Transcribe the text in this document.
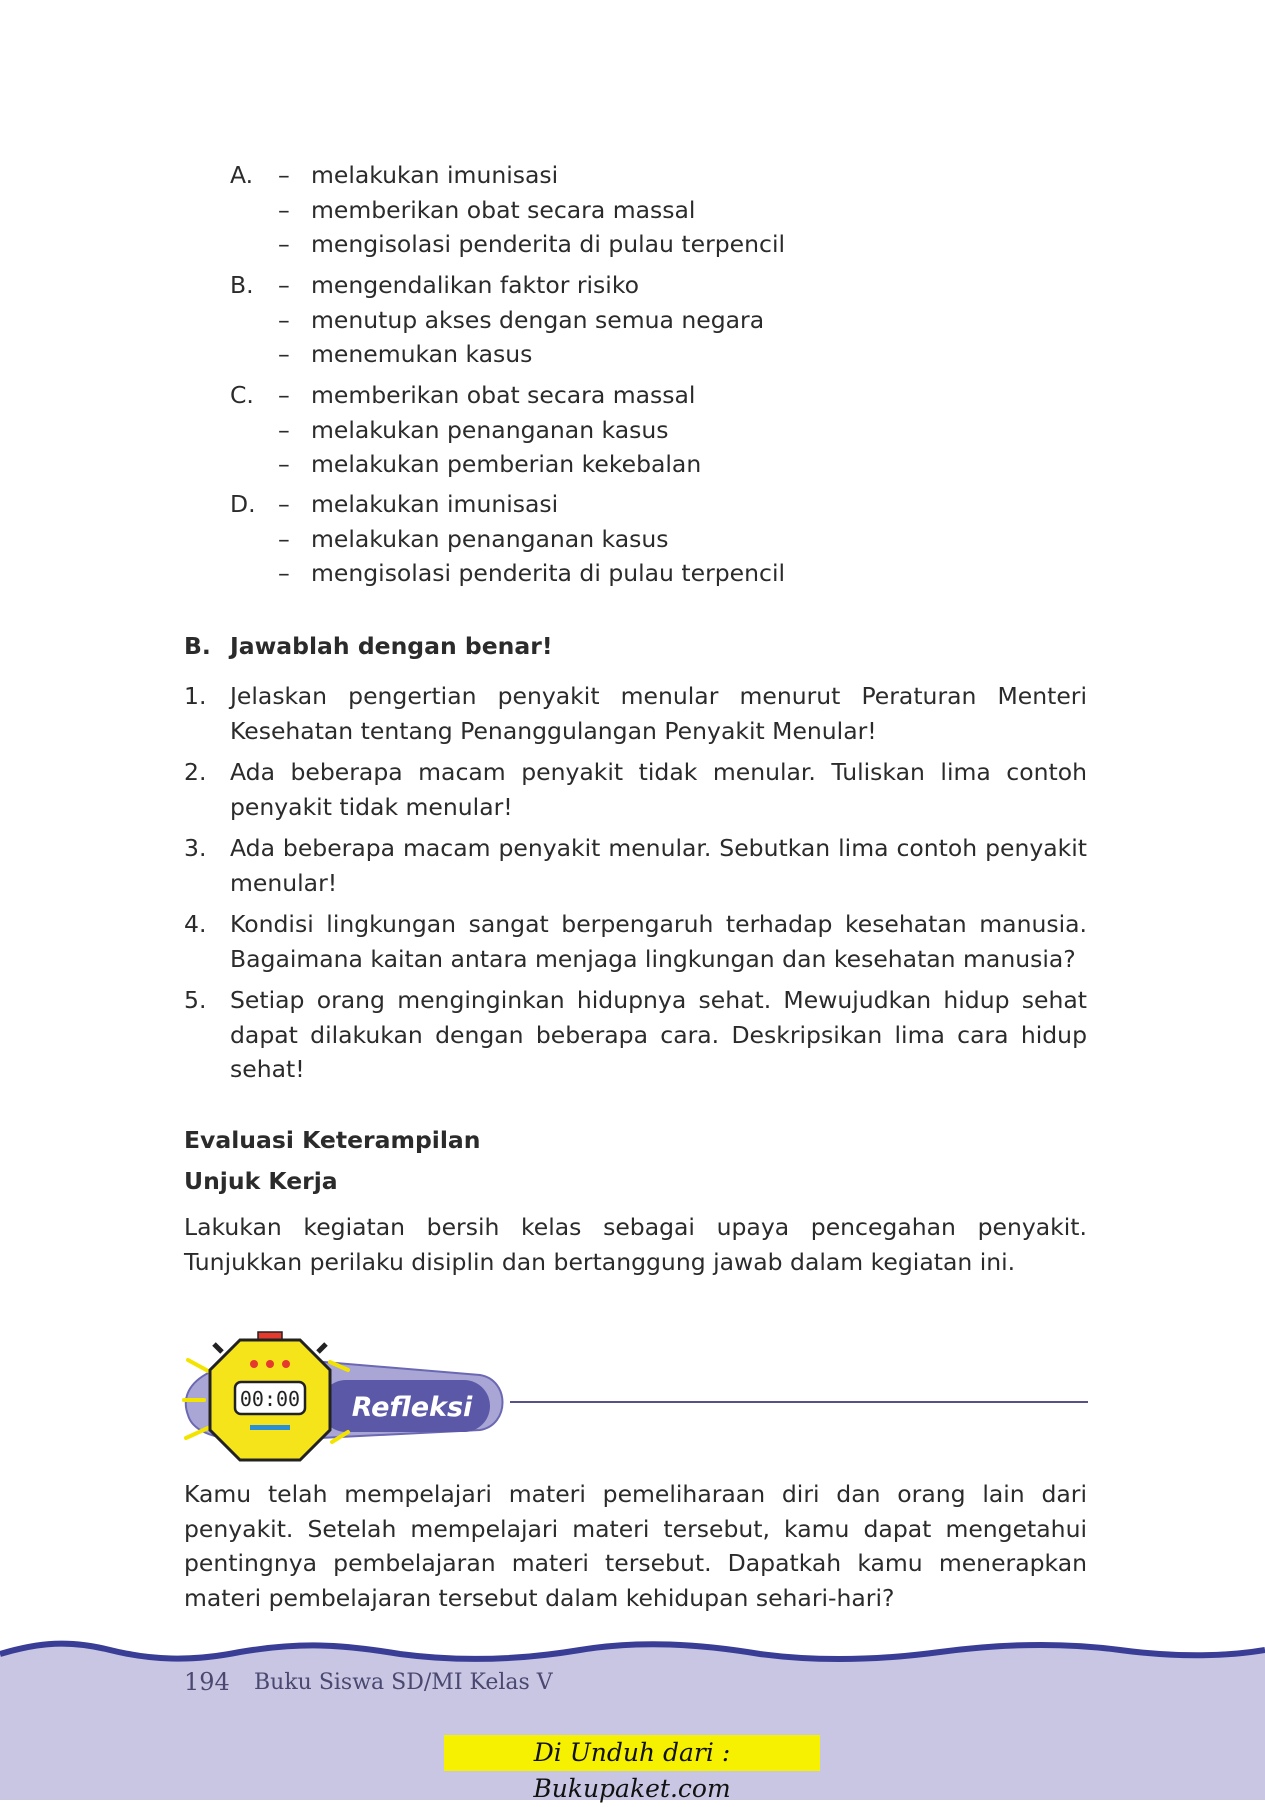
A.	– melakukan imunisasi
– memberikan obat secara massal
– mengisolasi penderita di pulau terpencil
B.	– mengendalikan faktor risiko
– menutup akses dengan semua negara
– menemukan kasus
C.	– memberikan obat secara massal
– melakukan penanganan kasus
– melakukan pemberian kekebalan
D. – melakukan imunisasi
– melakukan penanganan kasus
– mengisolasi penderita di pulau terpencil
B. Jawablah dengan benar!
1.	Jelaskan pengertian penyakit menular menurut Peraturan Menteri Kesehatan tentang Penanggulangan Penyakit Menular!
2.	Ada beberapa macam penyakit tidak menular. Tuliskan lima contoh penyakit tidak menular!
3.	Ada beberapa macam penyakit menular. Sebutkan lima contoh penyakit menular!
4.	Kondisi lingkungan sangat berpengaruh terhadap kesehatan manusia. Bagaimana kaitan antara menjaga lingkungan dan kesehatan manusia?
5.	Setiap orang menginginkan hidupnya sehat. Mewujudkan hidup sehat dapat dilakukan dengan beberapa cara. Deskripsikan lima cara hidup sehat!
Evaluasi Keterampilan
Unjuk Kerja
Lakukan kegiatan bersih kelas sebagai upaya pencegahan penyakit. Tunjukkan perilaku disiplin dan bertanggung jawab dalam kegiatan ini.
00:00 Refleksi
Kamu telah mempelajari materi pemeliharaan diri dan orang lain dari penyakit. Setelah mempelajari materi tersebut, kamu dapat mengetahui pentingnya pembelajaran materi tersebut. Dapatkah kamu menerapkan materi pembelajaran tersebut dalam kehidupan sehari-hari?
194 Buku Siswa SD/MI Kelas V
Di Unduh dari : Bukupaket.com
